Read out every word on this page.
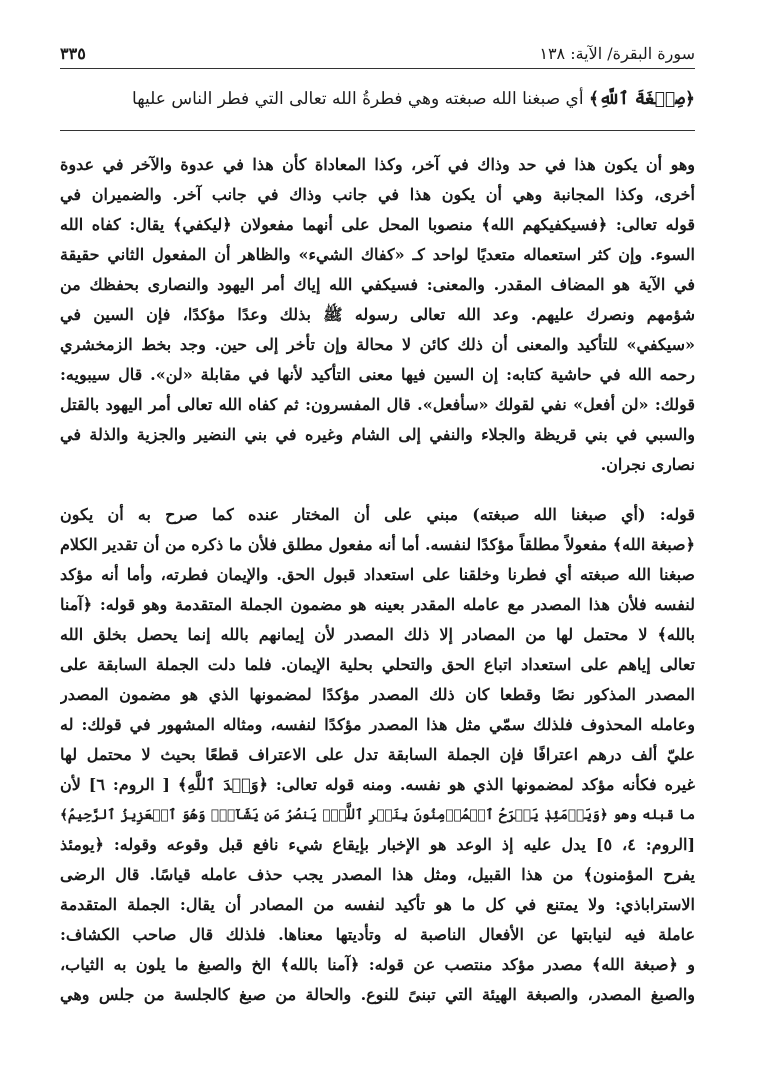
سورة البقرة/ الآية: ١٣٨
٣٣٥
﴿صِبۡغَةَ ٱللَّهِ﴾ أي صبغنا الله صبغته وهي فطرةُ الله تعالى التي فطر الناس عليها
وهو أن يكون هذا في حد وذاك في آخر، وكذا المعاداة كأن هذا في عدوة والآخر في عدوة
أخرى، وكذا المجانبة وهي أن يكون هذا في جانب وذاك في جانب آخر. والضميران في
قوله تعالى: ﴿فسيكفيكهم الله﴾ منصوبا المحل على أنهما مفعولان ﴿ليكفي﴾ يقال: كفاه الله
السوء. وإن كثر استعماله متعديًا لواحد كـ «كفاك الشيء» والظاهر أن المفعول الثاني حقيقة
في الآية هو المضاف المقدر. والمعنى: فسيكفي الله إياك أمر اليهود والنصارى بحفظك من
شؤمهم ونصرك عليهم. وعد الله تعالى رسوله ﷺ بذلك وعدًا مؤكدًا، فإن السين في
«سيكفي» للتأكيد والمعنى أن ذلك كائن لا محالة وإن تأخر إلى حين. وجد بخط الزمخشري
رحمه الله في حاشية كتابه: إن السين فيها معنى التأكيد لأنها في مقابلة «لن». قال سيبويه:
قولك: «لن أفعل» نفي لقولك «سأفعل». قال المفسرون: ثم كفاه الله تعالى أمر اليهود بالقتل
والسبي في بني قريظة والجلاء والنفي إلى الشام وغيره في بني النضير والجزية والذلة في
نصارى نجران.
قوله: (أي صبغنا الله صبغته) مبني على أن المختار عنده كما صرح به أن يكون
﴿صبغة الله﴾ مفعولاً مطلقاً مؤكدًا لنفسه. أما أنه مفعول مطلق فلأن ما ذكره من أن تقدير الكلام
صبغنا الله صبغته أي فطرنا وخلقنا على استعداد قبول الحق. والإيمان فطرته، وأما أنه مؤكد
لنفسه فلأن هذا المصدر مع عامله المقدر بعينه هو مضمون الجملة المتقدمة وهو قوله: ﴿آمنا
بالله﴾ لا محتمل لها من المصادر إلا ذلك المصدر لأن إيمانهم بالله إنما يحصل بخلق الله
تعالى إياهم على استعداد اتباع الحق والتحلي بحلية الإيمان. فلما دلت الجملة السابقة على
المصدر المذكور نصًا وقطعا كان ذلك المصدر مؤكدًا لمضمونها الذي هو مضمون المصدر
وعامله المحذوف فلذلك سمّي مثل هذا المصدر مؤكدًا لنفسه، ومثاله المشهور في قولك: له
عليّ ألف درهم اعترافًا فإن الجملة السابقة تدل على الاعتراف قطعًا بحيث لا محتمل لها
غيره فكأنه مؤكد لمضمونها الذي هو نفسه. ومنه قوله تعالى: ﴿وَعۡدَ ٱللَّهِ﴾ [ الروم: ٦] لأن
ما قبله وهو ﴿وَيَوۡمَئِذٖ يَفۡرَحُ ٱلۡمُؤۡمِنُونَ بِنَصۡرِ ٱللَّهِۚ يَنصُرُ مَن يَشَآءُۖ وَهُوَ ٱلۡعَزِيزُ ٱلرَّحِيمُ﴾
[الروم: ٤، ٥] يدل عليه إذ الوعد هو الإخبار بإيقاع شيء نافع قبل وقوعه وقوله: ﴿يومئذ
يفرح المؤمنون﴾ من هذا القبيل، ومثل هذا المصدر يجب حذف عامله قياسًا. قال الرضى
الاستراباذي: ولا يمتنع في كل ما هو تأكيد لنفسه من المصادر أن يقال: الجملة المتقدمة
عاملة فيه لنيابتها عن الأفعال الناصبة له وتأديتها معناها. فلذلك قال صاحب الكشاف:
و ﴿صبغة الله﴾ مصدر مؤكد منتصب عن قوله: ﴿آمنا بالله﴾ الخ والصبغ ما يلون به الثياب،
والصبغ المصدر، والصبغة الهيئة التي تبنىً للنوع. والحالة من صبغ كالجلسة من جلس وهي
